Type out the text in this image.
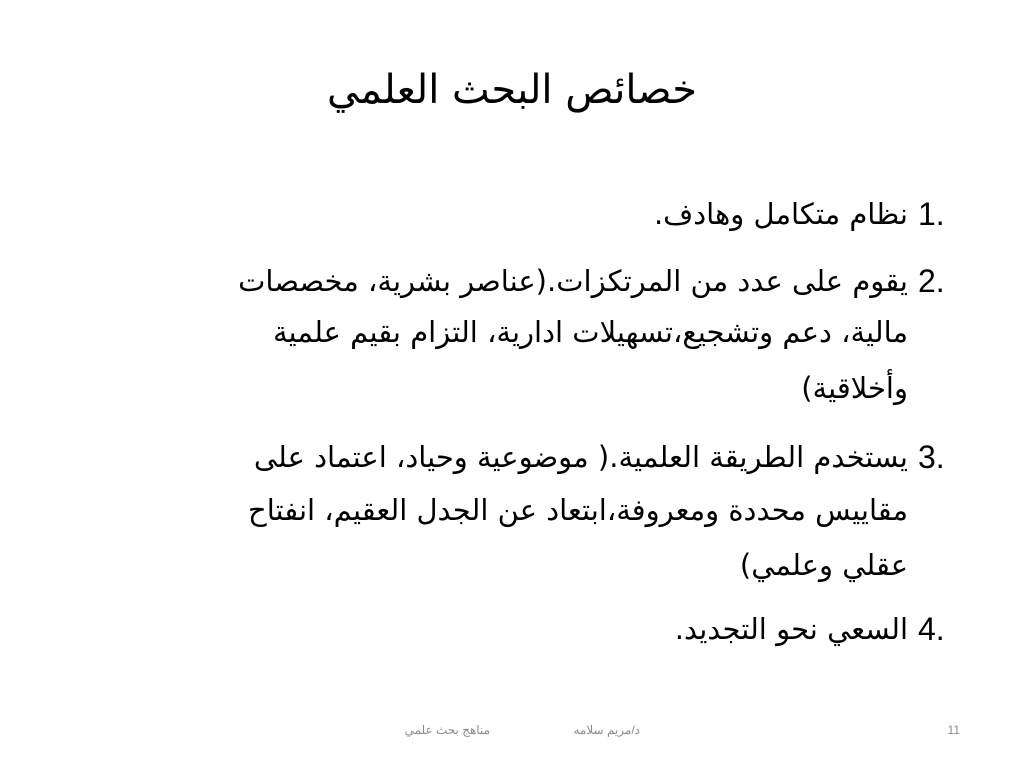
خصائص البحث العلمي
1.
نظام متكامل وهادف.
2.
يقوم على عدد من المرتكزات.(عناصر بشرية، مخصصات
مالية، دعم وتشجيع،تسهيلات ادارية، التزام بقيم علمية
وأخلاقية)
3.
يستخدم الطريقة العلمية.( موضوعية وحياد، اعتماد على
مقاييس محددة ومعروفة،ابتعاد عن الجدل العقيم، انفتاح
عقلي وعلمي)
4.
السعي نحو التجديد.
مناهج بحث علمي	د/مريم سلامه	11
